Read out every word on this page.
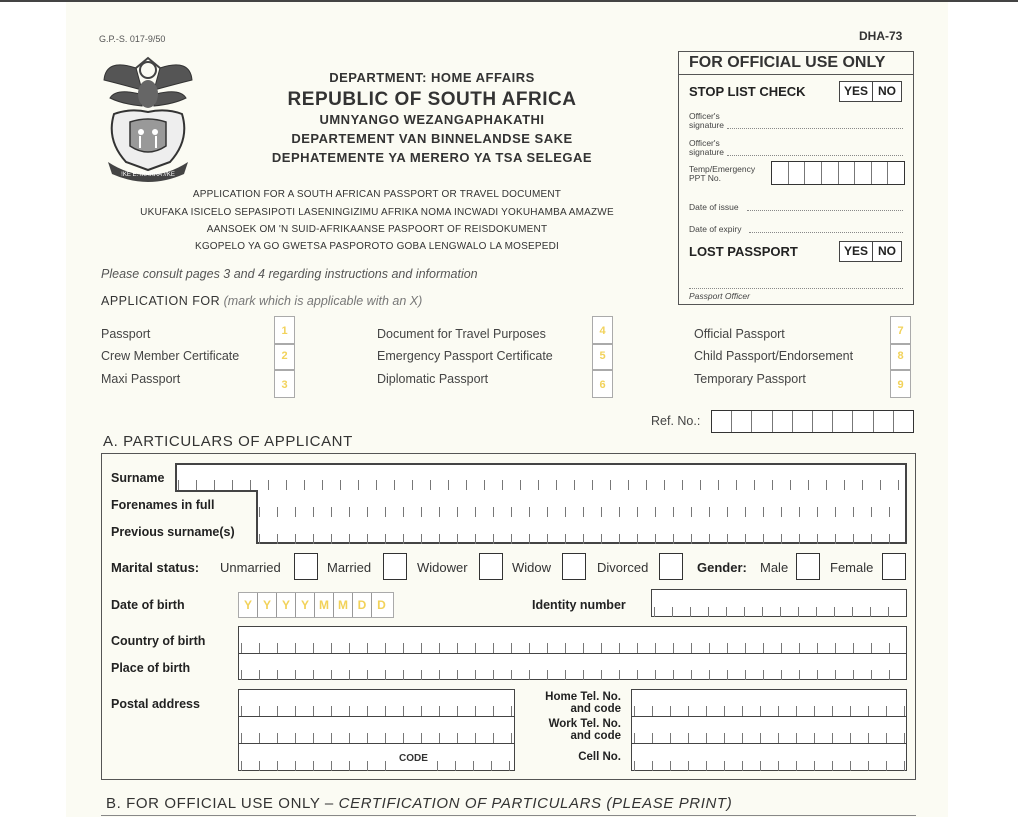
G.P.-S. 017-9/50	DHA-73
!KE E: /XARRA //KE
DEPARTMENT: HOME AFFAIRS
REPUBLIC OF SOUTH AFRICA
UMNYANGO WEZANGAPHAKATHI
DEPARTEMENT VAN BINNELANDSE SAKE
DEPHATEMENTE YA MERERO YA TSA SELEGAE
APPLICATION FOR A SOUTH AFRICAN PASSPORT OR TRAVEL DOCUMENT
UKUFAKA ISICELO SEPASIPOTI LASENINGIZIMU AFRIKA NOMA INCWADI YOKUHAMBA AMAZWE
AANSOEK OM 'N SUID-AFRIKAANSE PASPOORT OF REISDOKUMENT
KGOPELO YA GO GWETSA PASPOROTO GOBA LENGWALO LA MOSEPEDI
Please consult pages 3 and 4 regarding instructions and information
APPLICATION FOR (mark which is applicable with an X)
Passport	1
Crew Member Certificate	2
Maxi Passport	3
Document for Travel Purposes	4
Emergency Passport Certificate	5
Diplomatic Passport	6
Official Passport	7
Child Passport/Endorsement	8
Temporary Passport	9
FOR OFFICIAL USE ONLY
STOP LIST CHECK	YES NO
Officer's signature
Officer's signature
Temp/Emergency PPT No.
Date of issue
Date of expiry
LOST PASSPORT	YES NO
Passport Officer
Ref. No.:
A. PARTICULARS OF APPLICANT
Surname
Forenames in full
Previous surname(s)
Marital status: Unmarried	Married	Widower	Widow	Divorced	Gender: Male	Female
Date of birth	Y Y Y Y M M D D	Identity number
Country of birth
Place of birth
Postal address
CODE
Home Tel. No.
and code
Work Tel. No.
and code
Cell No.
B. FOR OFFICIAL USE ONLY – CERTIFICATION OF PARTICULARS (PLEASE PRINT)
